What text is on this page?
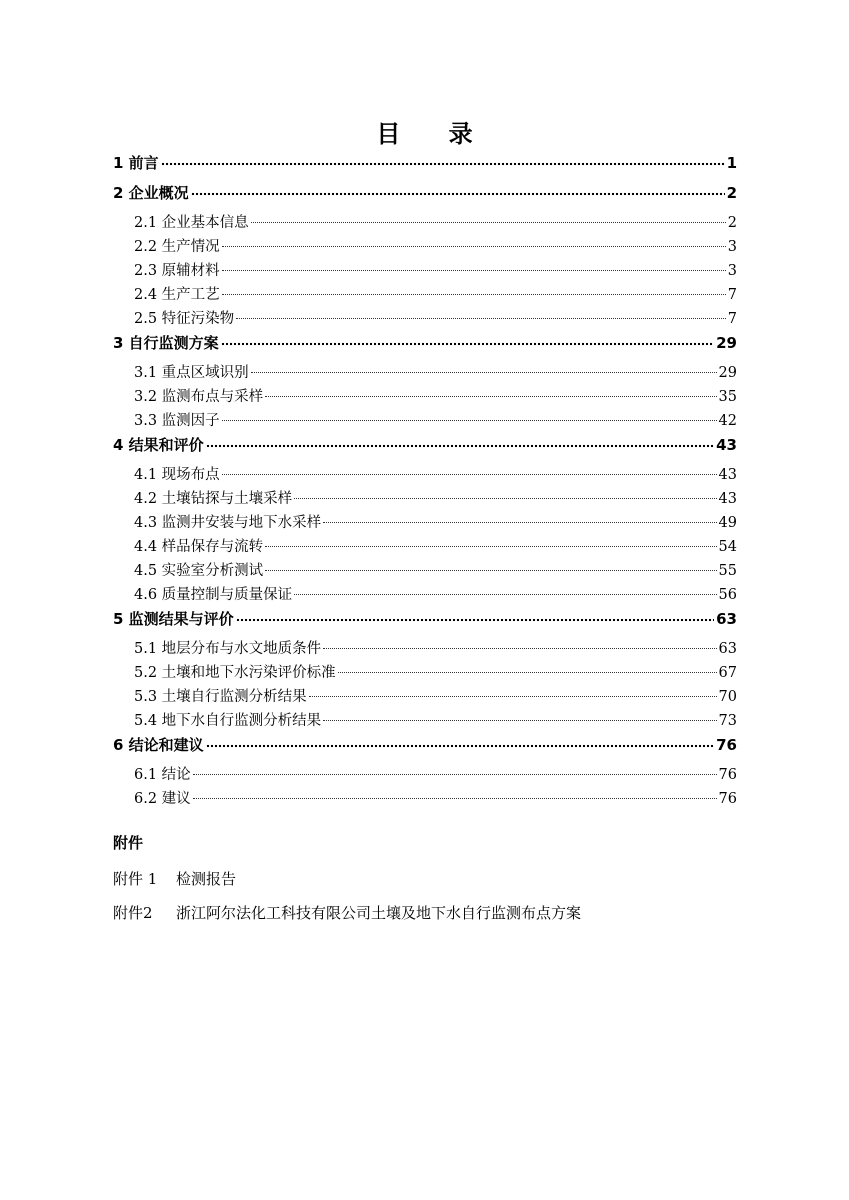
目 录
1 前言	1
2 企业概况	2
2.1 企业基本信息	2
2.2 生产情况	3
2.3 原辅材料	3
2.4 生产工艺	7
2.5 特征污染物	7
3 自行监测方案	29
3.1 重点区域识别	29
3.2 监测布点与采样	35
3.3 监测因子	42
4 结果和评价	43
4.1 现场布点	43
4.2 土壤钻探与土壤采样	43
4.3 监测井安装与地下水采样	49
4.4 样品保存与流转	54
4.5 实验室分析测试	55
4.6 质量控制与质量保证	56
5 监测结果与评价	63
5.1 地层分布与水文地质条件	63
5.2 土壤和地下水污染评价标准	67
5.3 土壤自行监测分析结果	70
5.4 地下水自行监测分析结果	73
6 结论和建议	76
6.1 结论	76
6.2 建议	76
附件
附件 1 检测报告
附件2 浙江阿尔法化工科技有限公司土壤及地下水自行监测布点方案
